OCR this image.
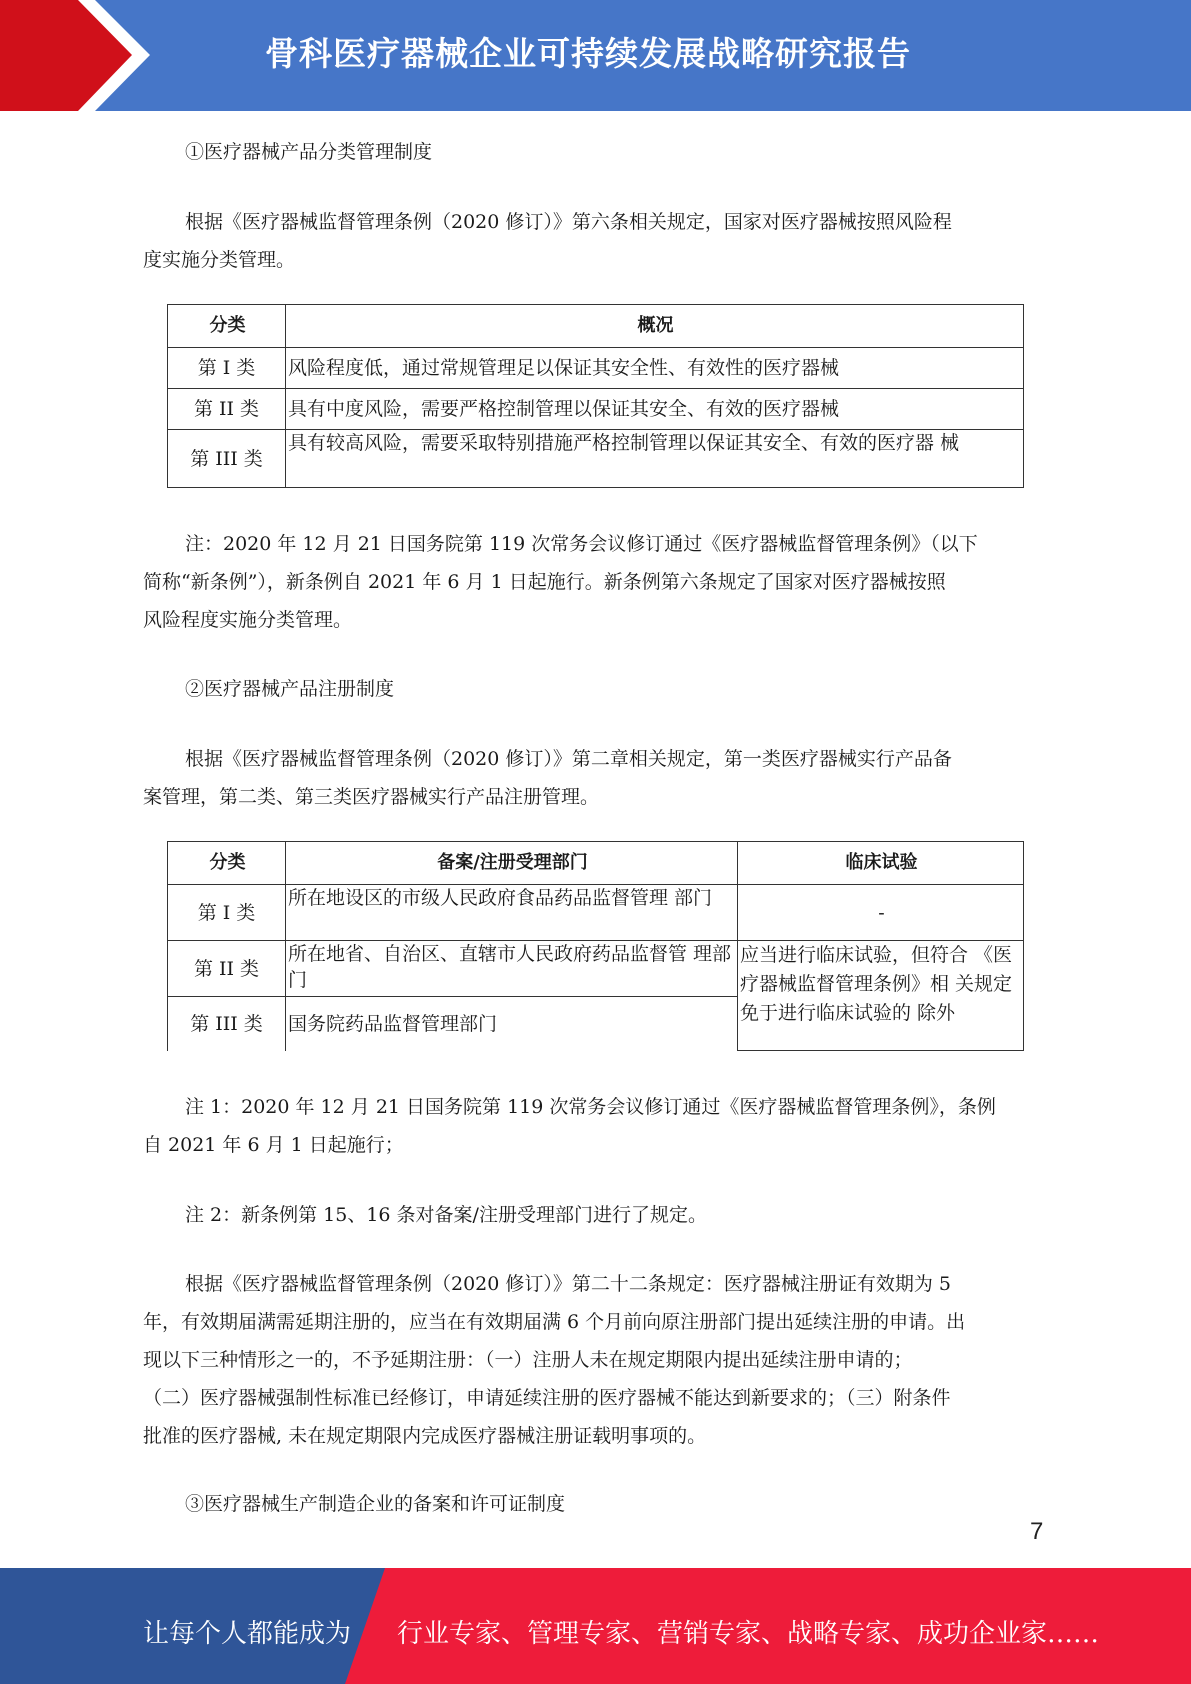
骨科医疗器械企业可持续发展战略研究报告
①医疗器械产品分类管理制度
根据《医疗器械监督管理条例（2020 修订）》第六条相关规定，国家对医疗器械按照风险程
度实施分类管理。
分类	概况
第 I 类	风险程度低，通过常规管理足以保证其安全性、有效性的医疗器械
第 II 类	具有中度风险，需要严格控制管理以保证其安全、有效的医疗器械
第 III 类	具有较高风险，需要采取特别措施严格控制管理以保证其安全、有效的医疗器 械
注：2020 年 12 月 21 日国务院第 119 次常务会议修订通过《医疗器械监督管理条例》（以下
简称“新条例”），新条例自 2021 年 6 月 1 日起施行。新条例第六条规定了国家对医疗器械按照
风险程度实施分类管理。
②医疗器械产品注册制度
根据《医疗器械监督管理条例（2020 修订）》第二章相关规定，第一类医疗器械实行产品备
案管理，第二类、第三类医疗器械实行产品注册管理。
分类	备案/注册受理部门	临床试验
第 I 类	所在地设区的市级人民政府食品药品监督管理 部门	-
第 II 类	所在地省、自治区、直辖市人民政府药品监督管 理部门	应当进行临床试验，但符合 《医疗器械监督管理条例》相 关规定免于进行临床试验的 除外
第 III 类	国务院药品监督管理部门	
注 1：2020 年 12 月 21 日国务院第 119 次常务会议修订通过《医疗器械监督管理条例》，条例
自 2021 年 6 月 1 日起施行；
注 2：新条例第 15、16 条对备案/注册受理部门进行了规定。
根据《医疗器械监督管理条例（2020 修订）》第二十二条规定：医疗器械注册证有效期为 5
年，有效期届满需延期注册的，应当在有效期届满 6 个月前向原注册部门提出延续注册的申请。出
现以下三种情形之一的，不予延期注册：（一）注册人未在规定期限内提出延续注册申请的；
（二）医疗器械强制性标准已经修订，申请延续注册的医疗器械不能达到新要求的；（三）附条件
批准的医疗器械, 未在规定期限内完成医疗器械注册证载明事项的。
③医疗器械生产制造企业的备案和许可证制度
7
让每个人都能成为 行业专家、管理专家、营销专家、战略专家、成功企业家……
